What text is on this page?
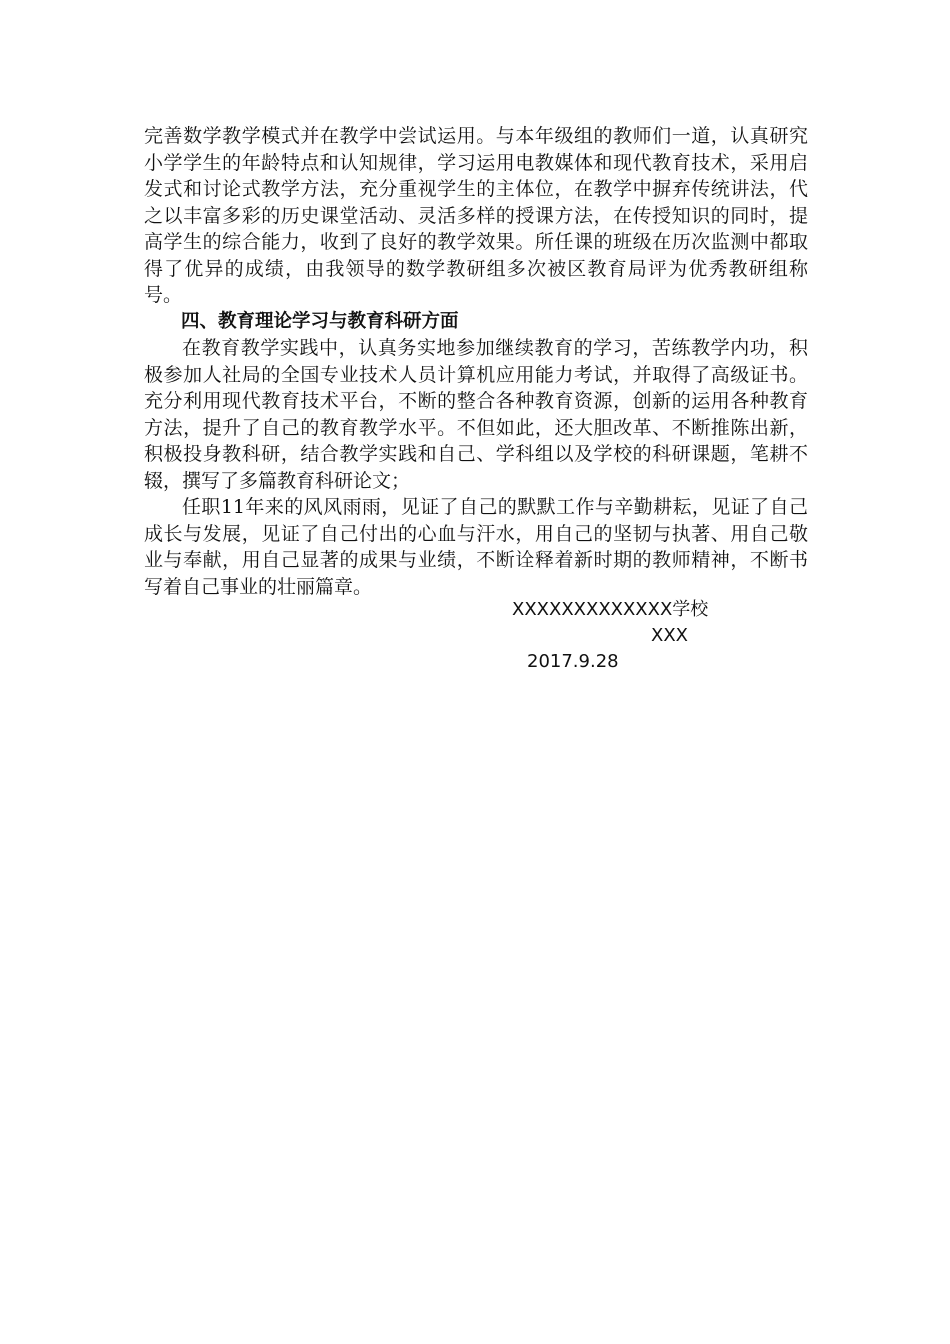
完善数学教学模式并在教学中尝试运用。与本年级组的教师们一道，认真研究小学学生的年龄特点和认知规律，学习运用电教媒体和现代教育技术，采用启发式和讨论式教学方法，充分重视学生的主体位，在教学中摒弃传统讲法，代之以丰富多彩的历史课堂活动、灵活多样的授课方法，在传授知识的同时，提高学生的综合能力，收到了良好的教学效果。所任课的班级在历次监测中都取得了优异的成绩，由我领导的数学教研组多次被区教育局评为优秀教研组称号。

四、教育理论学习与教育科研方面

在教育教学实践中，认真务实地参加继续教育的学习，苦练教学内功，积极参加人社局的全国专业技术人员计算机应用能力考试，并取得了高级证书。充分利用现代教育技术平台，不断的整合各种教育资源，创新的运用各种教育方法，提升了自己的教育教学水平。不但如此，还大胆改革、不断推陈出新，积极投身教科研，结合教学实践和自己、学科组以及学校的科研课题，笔耕不辍，撰写了多篇教育科研论文；

任职11年来的风风雨雨，见证了自己的默默工作与辛勤耕耘，见证了自己成长与发展，见证了自己付出的心血与汗水，用自己的坚韧与执著、用自己敬业与奉献，用自己显著的成果与业绩，不断诠释着新时期的教师精神，不断书写着自己事业的壮丽篇章。

XXXXXXXXXXXXX学校
XXX
2017.9.28
